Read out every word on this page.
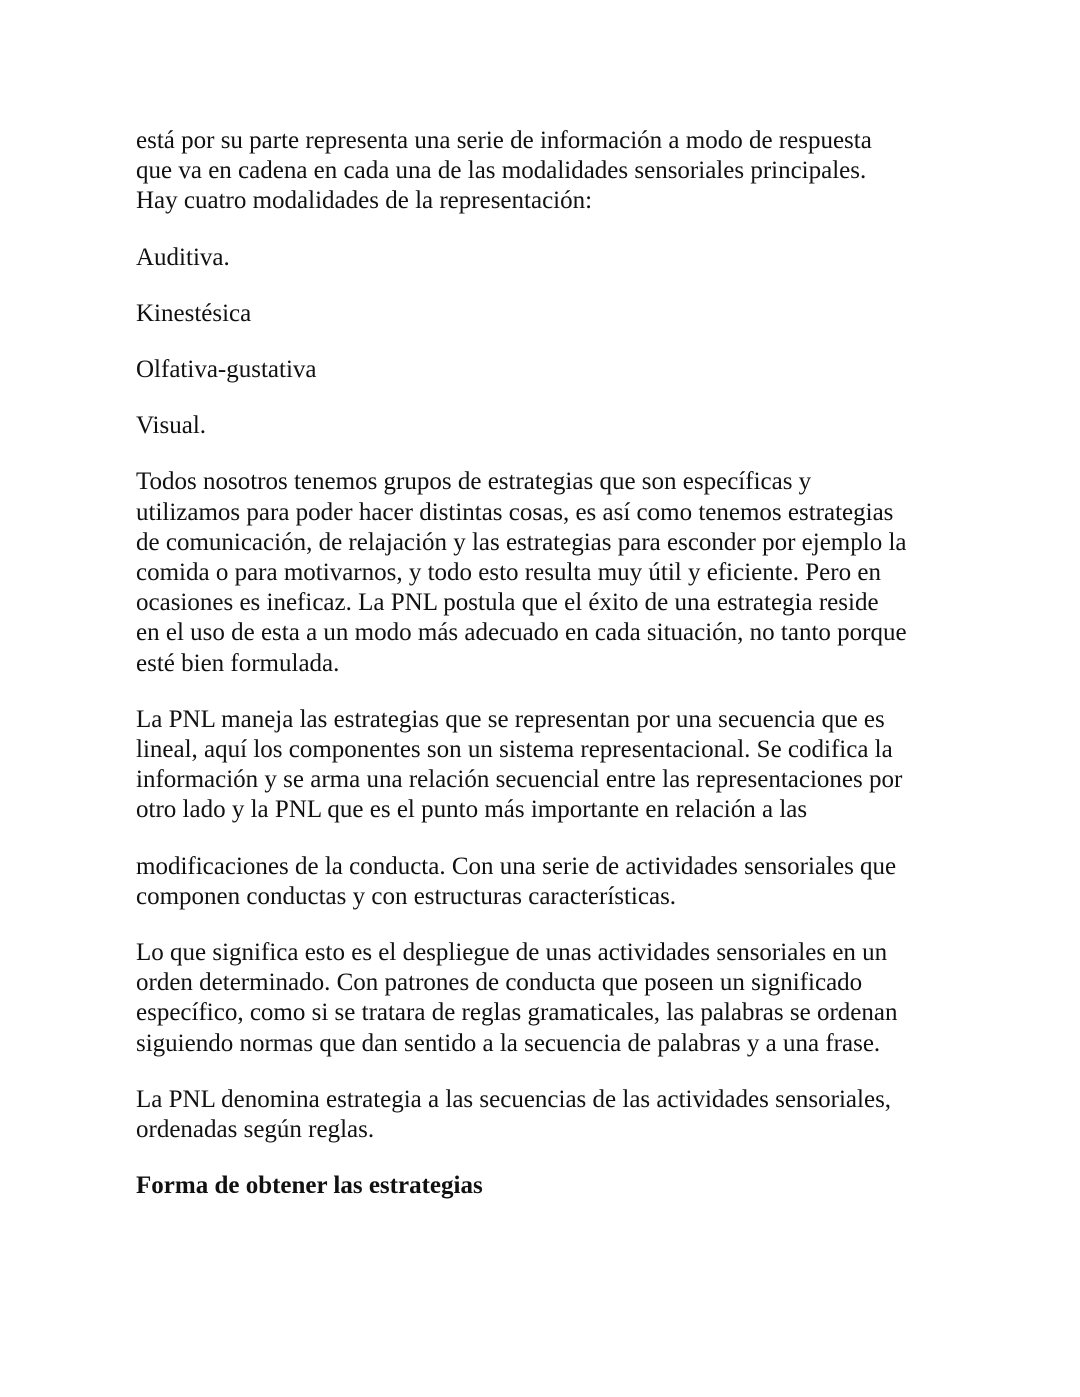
está por su parte representa una serie de información a modo de respuesta
que va en cadena en cada una de las modalidades sensoriales principales.
Hay cuatro modalidades de la representación:

Auditiva.

Kinestésica

Olfativa-gustativa

Visual.

Todos nosotros tenemos grupos de estrategias que son específicas y
utilizamos para poder hacer distintas cosas, es así como tenemos estrategias
de comunicación, de relajación y las estrategias para esconder por ejemplo la
comida o para motivarnos, y todo esto resulta muy útil y eficiente. Pero en
ocasiones es ineficaz. La PNL postula que el éxito de una estrategia reside
en el uso de esta a un modo más adecuado en cada situación, no tanto porque
esté bien formulada.

La PNL maneja las estrategias que se representan por una secuencia que es
lineal, aquí los componentes son un sistema representacional. Se codifica la
información y se arma una relación secuencial entre las representaciones por
otro lado y la PNL que es el punto más importante en relación a las

modificaciones de la conducta. Con una serie de actividades sensoriales que
componen conductas y con estructuras características.

Lo que significa esto es el despliegue de unas actividades sensoriales en un
orden determinado. Con patrones de conducta que poseen un significado
específico, como si se tratara de reglas gramaticales, las palabras se ordenan
siguiendo normas que dan sentido a la secuencia de palabras y a una frase.

La PNL denomina estrategia a las secuencias de las actividades sensoriales,
ordenadas según reglas.

Forma de obtener las estrategias
